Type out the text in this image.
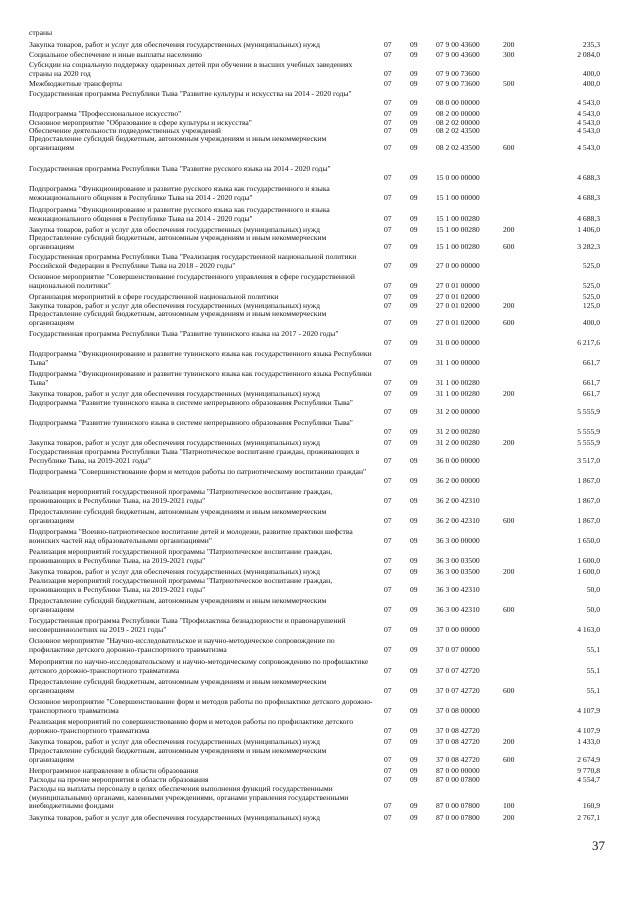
страны
Закупка товаров, работ и услуг для обеспечения государственных (муниципальных) нужд	07	09	07 9 00 43600	200	235,3
Социальное обеспечение и иные выплаты населению	07	09	07 9 00 43600	300	2 084,0
Субсидии на социальную поддержку одаренных детей при обучении в высших учебных заведениях страны на 2020 год	07	09	07 9 00 73600	400,0
Межбюджетные трансферты	07	09	07 9 00 73600	500	400,0
Государственная программа Республики Тыва "Развитие культуры и искусства на 2014 - 2020 годы"
07	09	08 0 00 00000	4 543,0
Подпрограмма "Профессиональное искусство"	07	09	08 2 00 00000	4 543,0
Основное мероприятие "Образование в сфере культуры и искусства"	07	09	08 2 02 00000	4 543,0
Обеспечение деятельности подведомственных учреждений	07	09	08 2 02 43500	4 543,0
Предоставление субсидий бюджетным, автономным учреждениям и иным некоммерческим организациям	07	09	08 2 02 43500	600	4 543,0
Государственная программа Республики Тыва "Развитие русского языка на 2014 - 2020 годы"
07	09	15 0 00 00000	4 688,3
Подпрограмма "Функционирование и развитие русского языка как государственного и языка межнационального общения в Республике Тыва на 2014 - 2020 годы"	07	09	15 1 00 00000	4 688,3
Подпрограмма "Функционирование и развитие русского языка как государственного и языка межнационального общения в Республике Тыва на 2014 - 2020 годы"	07	09	15 1 00 00280	4 688,3
Закупка товаров, работ и услуг для обеспечения государственных (муниципальных) нужд	07	09	15 1 00 00280	200	1 406,0
Предоставление субсидий бюджетным, автономным учреждениям и иным некоммерческим организациям	07	09	15 1 00 00280	600	3 282,3
Государственная программа Республики Тыва "Реализация государственной национальной политики Российской Федерации в Республике Тыва на 2018 - 2020 годы"	07	09	27 0 00 00000	525,0
Основное мероприятие "Совершенствование государственного управления в сфере государственной национальной политики"	07	09	27 0 01 00000	525,0
Организация мероприятий в сфере государственной национальной политики	07	09	27 0 01 02000	525,0
Закупка товаров, работ и услуг для обеспечения государственных (муниципальных) нужд	07	09	27 0 01 02000	200	125,0
Предоставление субсидий бюджетным, автономным учреждениям и иным некоммерческим организациям	07	09	27 0 01 02000	600	400,0
Государственная программа Республики Тыва "Развитие тувинского языка на 2017 - 2020 годы"
07	09	31 0 00 00000	6 217,6
Подпрограмма "Функционирование и развитие тувинского языка как государственного языка Республики Тыва"	07	09	31 1 00 00000	661,7
Подпрограмма "Функционирование и развитие тувинского языка как государственного языка Республики Тыва"	07	09	31 1 00 00280	661,7
Закупка товаров, работ и услуг для обеспечения государственных (муниципальных) нужд	07	09	31 1 00 00280	200	661,7
Подпрограмма "Развитие тувинского языка в системе непрерывного образования Республики Тыва"
07	09	31 2 00 00000	5 555,9
Подпрограмма "Развитие тувинского языка в системе непрерывного образования Республики Тыва"
07	09	31 2 00 00280	5 555,9
Закупка товаров, работ и услуг для обеспечения государственных (муниципальных) нужд	07	09	31 2 00 00280	200	5 555,9
Государственная программа Республики Тыва "Патриотическое воспитание граждан, проживающих в Республике Тыва, на 2019-2021 годы"	07	09	36 0 00 00000	3 517,0
Подпрограмма "Совершенствование форм и методов работы по патриотическому воспитанию граждан"
07	09	36 2 00 00000	1 867,0
Реализация мероприятий государственной программы "Патриотическое воспитание граждан, проживающих в Республике Тыва, на 2019-2021 годы"	07	09	36 2 00 42310	1 867,0
Предоставление субсидий бюджетным, автономным учреждениям и иным некоммерческим организациям	07	09	36 2 00 42310	600	1 867,0
Подпрограмма "Военно-патриотическое воспитание детей и молодежи, развитие практики шефства воинских частей над образовательными организациями"	07	09	36 3 00 00000	1 650,0
Реализация мероприятий государственной программы "Патриотическое воспитание граждан, проживающих в Республике Тыва, на 2019-2021 годы"	07	09	36 3 00 03500	1 600,0
Закупка товаров, работ и услуг для обеспечения государственных (муниципальных) нужд	07	09	36 3 00 03500	200	1 600,0
Реализация мероприятий государственной программы "Патриотическое воспитание граждан, проживающих в Республике Тыва, на 2019-2021 годы"	07	09	36 3 00 42310	50,0
Предоставление субсидий бюджетным, автономным учреждениям и иным некоммерческим организациям	07	09	36 3 00 42310	600	50,0
Государственная программа Республики Тыва "Профилактика безнадзорности и правонарушений несовершеннолетних на 2019 - 2021 годы"	07	09	37 0 00 00000	4 163,0
Основное мероприятие "Научно-исследовательское и научно-методическое сопровождение по профилактике детского дорожно-транспортного травматизма	07	09	37 0 07 00000	55,1
Мероприятия по научно-исследовательскому и научно-методическому сопровождению по профилактике детского дорожно-транспортного травматизма	07	09	37 0 07 42720	55,1
Предоставление субсидий бюджетным, автономным учреждениям и иным некоммерческим организациям	07	09	37 0 07 42720	600	55,1
Основное мероприятие "Совершенствование форм и методов работы по профилактике детского дорожно-транспортного травматизма	07	09	37 0 08 00000	4 107,9
Реализация мероприятий по совершенствованию форм и методов работы по профилактике детского дорожно-транспортного травматизма	07	09	37 0 08 42720	4 107,9
Закупка товаров, работ и услуг для обеспечения государственных (муниципальных) нужд	07	09	37 0 08 42720	200	1 433,0
Предоставление субсидий бюджетным, автономным учреждениям и иным некоммерческим организациям	07	09	37 0 08 42720	600	2 674,9
Непрограммное направление в области образования	07	09	87 0 00 00000	9 770,8
Расходы на прочие мероприятия в области образования	07	09	87 0 00 07800	4 554,7
Расходы на выплаты персоналу в целях обеспечения выполнения функций государственными (муниципальными) органами, казенными учреждениями, органами управления государственными внебюджетными фондами	07	09	87 0 00 07800	100	160,9
Закупка товаров, работ и услуг для обеспечения государственных (муниципальных) нужд	07	09	87 0 00 07800	200	2 767,1
37
